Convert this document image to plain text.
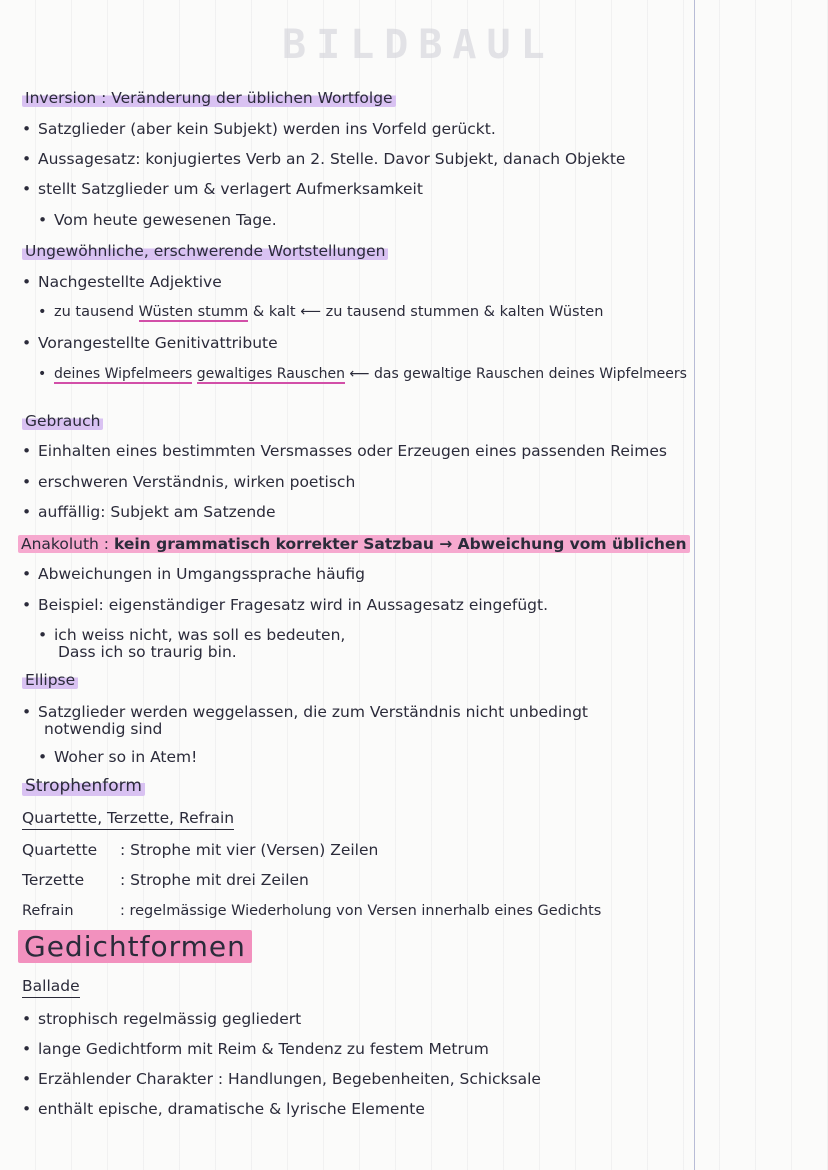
BILDBAUL
Inversion : Veränderung der üblichen Wortfolge
• Satzglieder (aber kein Subjekt) werden ins Vorfeld gerückt.
• Aussagesatz: konjugiertes Verb an 2. Stelle. Davor Subjekt, danach Objekte
• stellt Satzglieder um & verlagert Aufmerksamkeit
• Vom heute gewesenen Tage.
Ungewöhnliche, erschwerende Wortstellungen
• Nachgestellte Adjektive
• zu tausend Wüsten stumm & kalt ⟵ zu tausend stummen & kalten Wüsten
• Vorangestellte Genitivattribute
• deines Wipfelmeers gewaltiges Rauschen ⟵ das gewaltige Rauschen deines Wipfelmeers
Gebrauch
• Einhalten eines bestimmten Versmasses oder Erzeugen eines passenden Reimes
• erschweren Verständnis, wirken poetisch
• auffällig: Subjekt am Satzende
Anakoluth : kein grammatisch korrekter Satzbau → Abweichung vom üblichen
• Abweichungen in Umgangssprache häufig
• Beispiel: eigenständiger Fragesatz wird in Aussagesatz eingefügt.
• ich weiss nicht, was soll es bedeuten,
Dass ich so traurig bin.
Ellipse
• Satzglieder werden weggelassen, die zum Verständnis nicht unbedingt
notwendig sind
• Woher so in Atem!
Strophenform
Quartette, Terzette, Refrain
Quartette : Strophe mit vier (Versen) Zeilen
Terzette : Strophe mit drei Zeilen
Refrain	: regelmässige Wiederholung von Versen innerhalb eines Gedichts
Gedichtformen
Ballade
• strophisch regelmässig gegliedert
• lange Gedichtform mit Reim & Tendenz zu festem Metrum
• Erzählender Charakter : Handlungen, Begebenheiten, Schicksale
• enthält epische, dramatische & lyrische Elemente
